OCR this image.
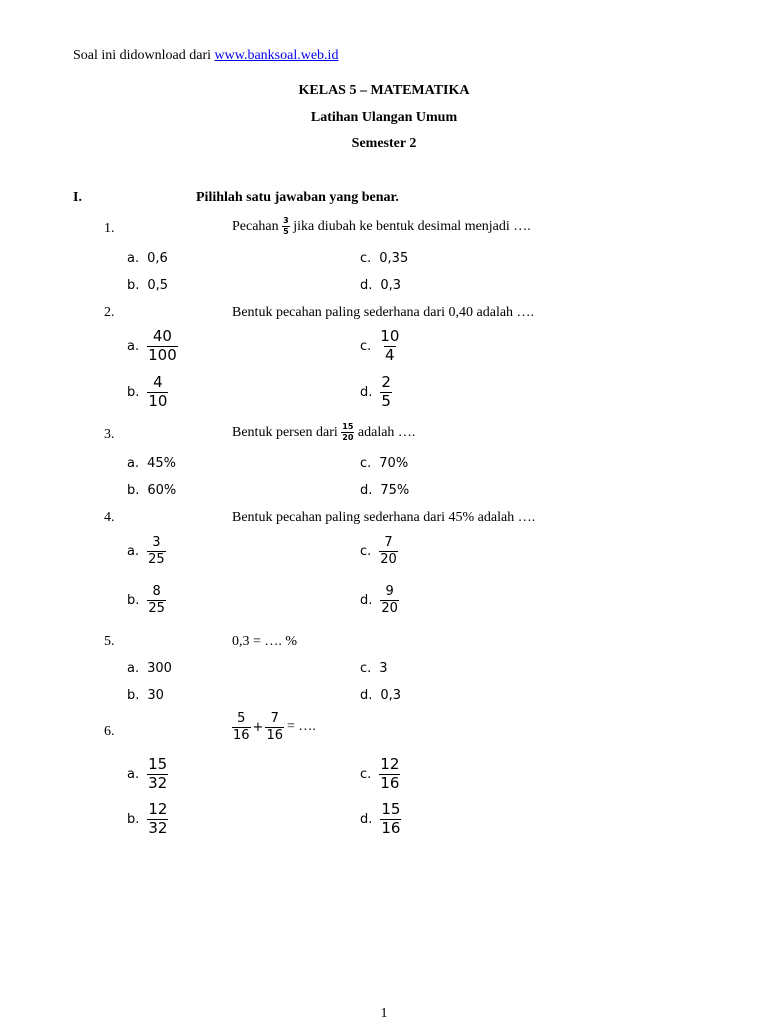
Soal ini didownload dari www.banksoal.web.id
KELAS 5 – MATEMATIKA
Latihan Ulangan Umum
Semester 2
I.	Pilihlah satu jawaban yang benar.
1.	Pecahan $\frac{3}{5}$ jika diubah ke bentuk desimal menjadi ….
a. 0,6
b. 0,5
c. 0,35
d. 0,3
2.	Bentuk pecahan paling sederhana dari 0,40 adalah ….
a. $\frac{40}{100}$
b. $\frac{4}{10}$
c. $\frac{10}{4}$
d. $\frac{2}{5}$
3.	Bentuk persen dari $\frac{15}{20}$ adalah ….
a. 45%
b. 60%
c. 70%
d. 75%
4.	Bentuk pecahan paling sederhana dari 45% adalah ….
a. $\frac{3}{25}$
b. $\frac{8}{25}$
c. $\frac{7}{20}$
d. $\frac{9}{20}$
5.	0,3 = …. %
a. 300
b. 30
c. 3
d. 0,3
6.	$\frac{5}{16} + \frac{7}{16}$ = ….
a. $\frac{15}{32}$
b. $\frac{12}{32}$
c. $\frac{12}{16}$
d. $\frac{15}{16}$
1
